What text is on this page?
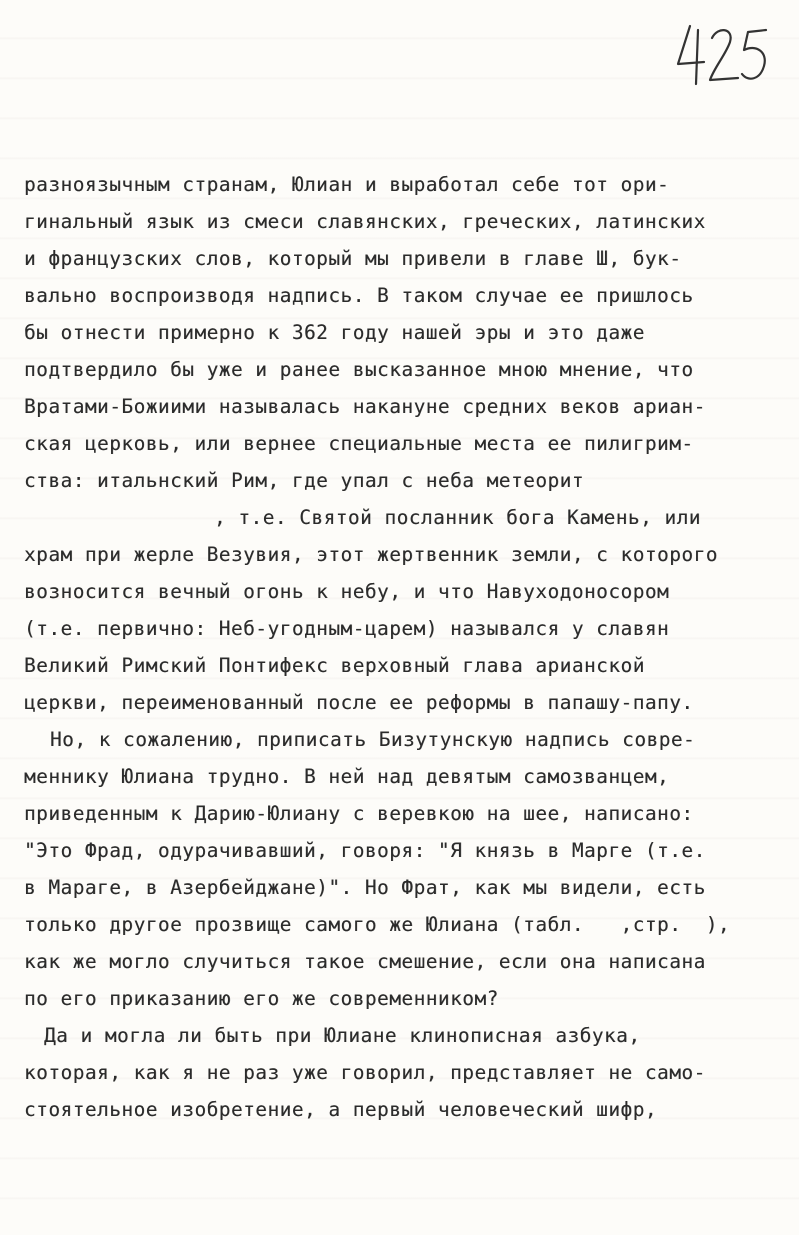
разноязычным странам, Юлиан и выработал себе тот ори-
гинальный язык из смеси славянских, греческих, латинских
и французских слов, который мы привели в главе Ш, бук-
вально воспроизводя надпись. В таком случае ее пришлось
бы отнести примерно к 362 году нашей эры и это даже
подтвердило бы уже и ранее высказанное мною мнение, что
Вратами-Божиими называлась накануне средних веков ариан-
ская церковь, или вернее специальные места ее пилигрим-
ства: итальнский Рим, где упал с неба метеорит
, т.е. Святой посланник бога Камень, или
храм при жерле Везувия, этот жертвенник земли, с которого
возносится вечный огонь к небу, и что Навуходоносором
(т.е. первично: Неб-угодным-царем) назывался у славян
Великий Римский Понтифекс верховный глава арианской
церкви, переименованный после ее реформы в папашу-папу.
Но, к сожалению, приписать Бизутунскую надпись совре-
меннику Юлиана трудно. В ней над девятым самозванцем,
приведенным к Дарию-Юлиану с веревкою на шее, написано:
"Это Фрад, одурачивавший, говоря: "Я князь в Марге (т.е.
в Мараге, в Азербейджане)". Но Фрат, как мы видели, есть
только другое прозвище самого же Юлиана (табл.   ,стр.  ),
как же могло случиться такое смешение, если она написана
по его приказанию его же современником?
Да и могла ли быть при Юлиане клинописная азбука,
которая, как я не раз уже говорил, представляет не само-
стоятельное изобретение, а первый человеческий шифр,
